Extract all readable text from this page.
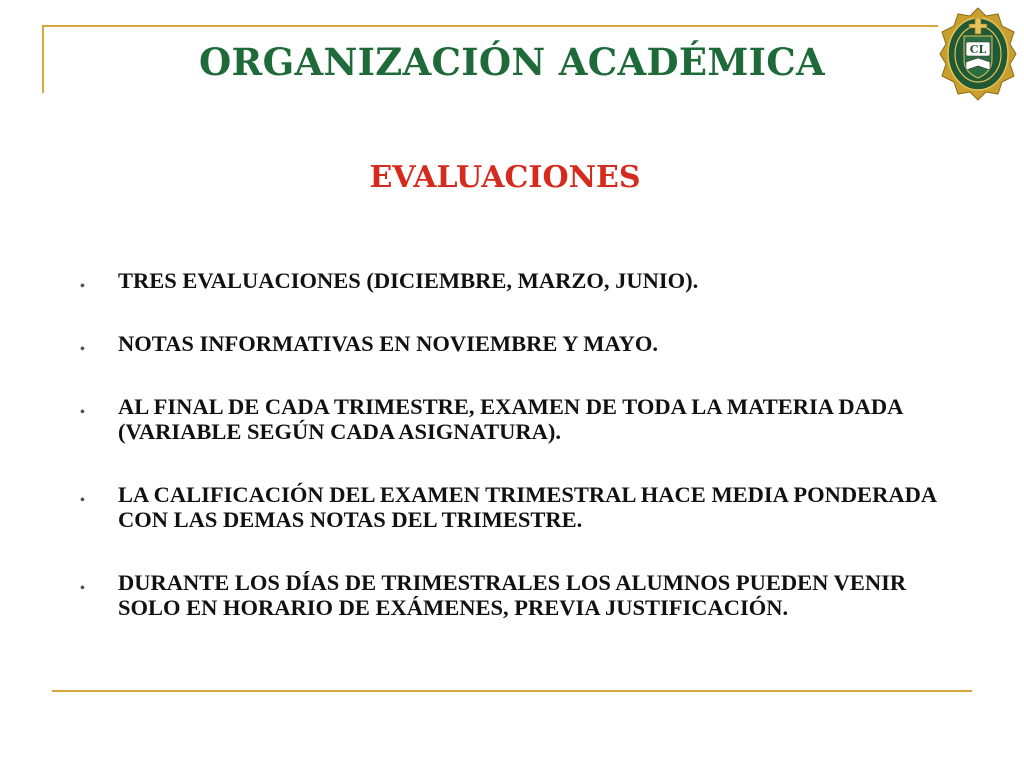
ORGANIZACIÓN ACADÉMICA	CL
EVALUACIONES
• TRES EVALUACIONES (DICIEMBRE, MARZO, JUNIO).
• NOTAS INFORMATIVAS EN NOVIEMBRE Y MAYO.
• AL FINAL DE CADA TRIMESTRE, EXAMEN DE TODA LA MATERIA DADA (VARIABLE SEGÚN CADA ASIGNATURA).
• LA CALIFICACIÓN DEL EXAMEN TRIMESTRAL HACE MEDIA PONDERADA CON LAS DEMAS NOTAS DEL TRIMESTRE.
• DURANTE LOS DÍAS DE TRIMESTRALES LOS ALUMNOS PUEDEN VENIR SOLO EN HORARIO DE EXÁMENES, PREVIA JUSTIFICACIÓN.
